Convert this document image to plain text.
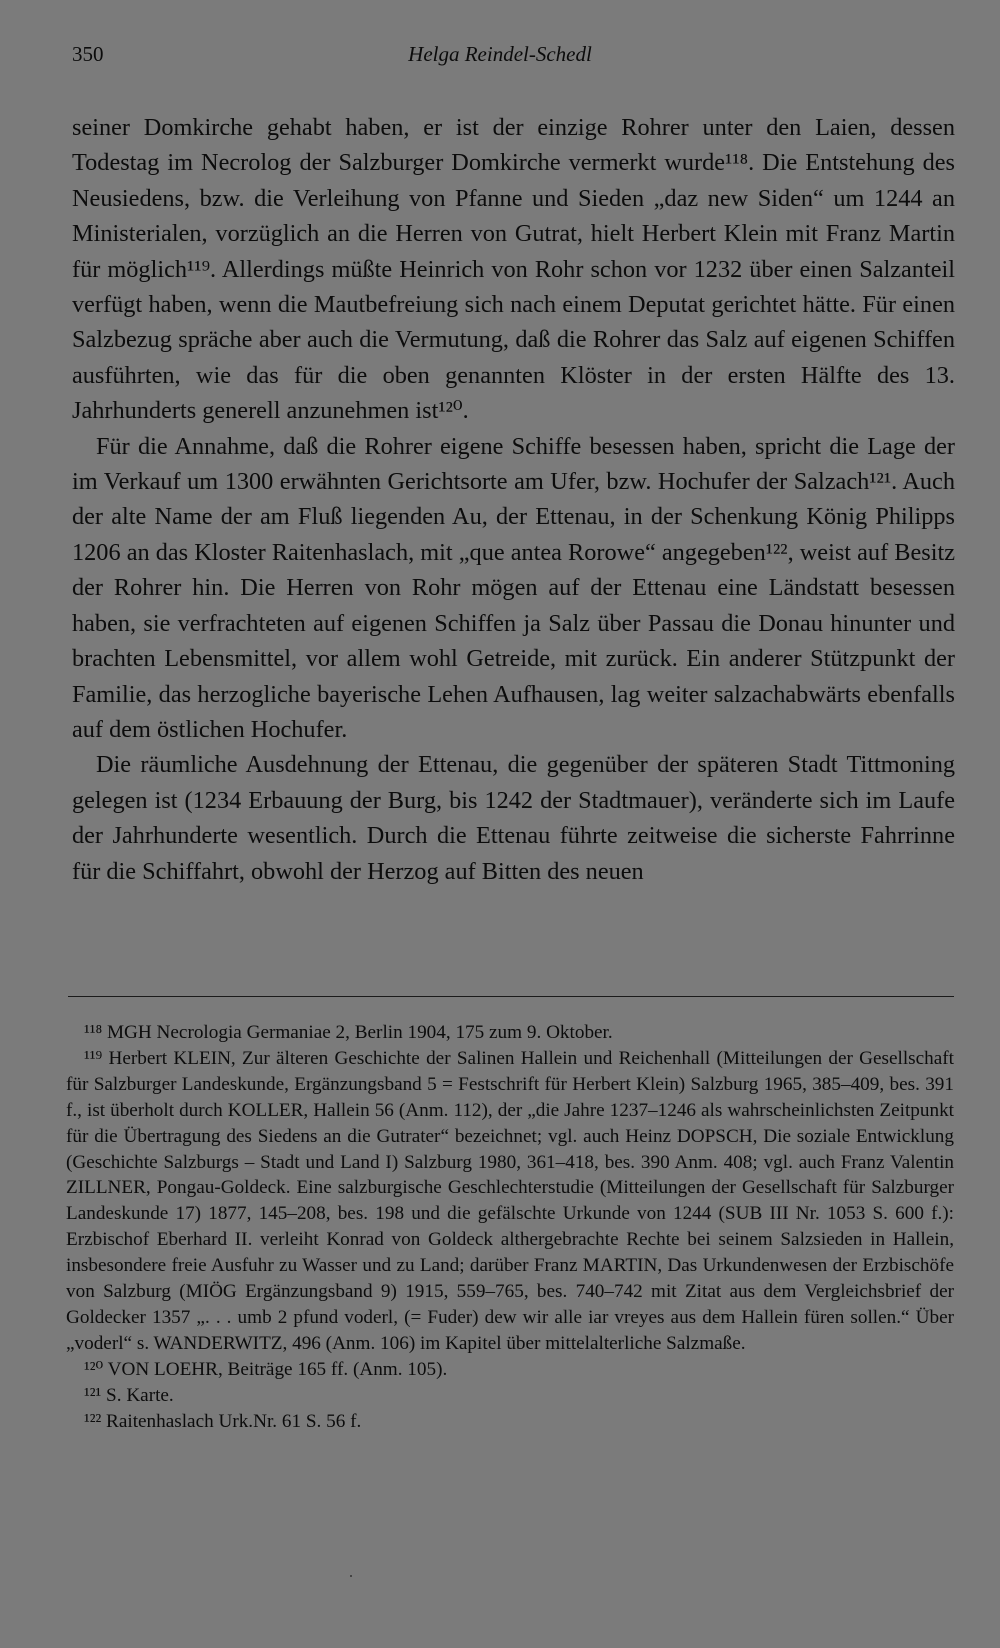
350	Helga Reindel-Schedl

seiner Domkirche gehabt haben, er ist der einzige Rohrer unter den Laien, dessen Todestag im Necrolog der Salzburger Domkirche vermerkt wurde¹¹⁸. Die Entstehung des Neusiedens, bzw. die Verleihung von Pfanne und Sieden „daz new Siden“ um 1244 an Ministerialen, vorzüglich an die Herren von Gutrat, hielt Herbert Klein mit Franz Martin für möglich¹¹⁹. Allerdings müßte Heinrich von Rohr schon vor 1232 über einen Salzanteil verfügt haben, wenn die Mautbefreiung sich nach einem Deputat gerichtet hätte. Für einen Salzbezug spräche aber auch die Vermutung, daß die Rohrer das Salz auf eigenen Schiffen ausführten, wie das für die oben genannten Klöster in der ersten Hälfte des 13. Jahrhunderts generell anzunehmen ist¹²⁰.

Für die Annahme, daß die Rohrer eigene Schiffe besessen haben, spricht die Lage der im Verkauf um 1300 erwähnten Gerichtsorte am Ufer, bzw. Hochufer der Salzach¹²¹. Auch der alte Name der am Fluß liegenden Au, der Ettenau, in der Schenkung König Philipps 1206 an das Kloster Raitenhaslach, mit „que antea Rorowe“ angegeben¹²², weist auf Besitz der Rohrer hin. Die Herren von Rohr mögen auf der Ettenau eine Ländstatt besessen haben, sie verfrachteten auf eigenen Schiffen ja Salz über Passau die Donau hinunter und brachten Lebensmittel, vor allem wohl Getreide, mit zurück. Ein anderer Stützpunkt der Familie, das herzogliche bayerische Lehen Aufhausen, lag weiter salzachabwärts ebenfalls auf dem östlichen Hochufer.

Die räumliche Ausdehnung der Ettenau, die gegenüber der späteren Stadt Tittmoning gelegen ist (1234 Erbauung der Burg, bis 1242 der Stadtmauer), veränderte sich im Laufe der Jahrhunderte wesentlich. Durch die Ettenau führte zeitweise die sicherste Fahrrinne für die Schiffahrt, obwohl der Herzog auf Bitten des neuen

¹¹⁸ MGH Necrologia Germaniae 2, Berlin 1904, 175 zum 9. Oktober.

¹¹⁹ Herbert KLEIN, Zur älteren Geschichte der Salinen Hallein und Reichenhall (Mitteilungen der Gesellschaft für Salzburger Landeskunde, Ergänzungsband 5 = Festschrift für Herbert Klein) Salzburg 1965, 385–409, bes. 391 f., ist überholt durch KOLLER, Hallein 56 (Anm. 112), der „die Jahre 1237–1246 als wahrscheinlichsten Zeitpunkt für die Übertragung des Siedens an die Gutrater“ bezeichnet; vgl. auch Heinz DOPSCH, Die soziale Entwicklung (Geschichte Salzburgs – Stadt und Land I) Salzburg 1980, 361–418, bes. 390 Anm. 408; vgl. auch Franz Valentin ZILLNER, Pongau-Goldeck. Eine salzburgische Geschlechterstudie (Mitteilungen der Gesellschaft für Salzburger Landeskunde 17) 1877, 145–208, bes. 198 und die gefälschte Urkunde von 1244 (SUB III Nr. 1053 S. 600 f.): Erzbischof Eberhard II. verleiht Konrad von Goldeck althergebrachte Rechte bei seinem Salzsieden in Hallein, insbesondere freie Ausfuhr zu Wasser und zu Land; darüber Franz MARTIN, Das Urkundenwesen der Erzbischöfe von Salzburg (MIÖG Ergänzungsband 9) 1915, 559–765, bes. 740–742 mit Zitat aus dem Vergleichsbrief der Goldecker 1357 „. . . umb 2 pfund voderl, (= Fuder) dew wir alle iar vreyes aus dem Hallein füren sollen.“ Über „voderl“ s. WANDERWITZ, 496 (Anm. 106) im Kapitel über mittelalterliche Salzmaße.

¹²⁰ VON LOEHR, Beiträge 165 ff. (Anm. 105).

¹²¹ S. Karte.

¹²² Raitenhaslach Urk.Nr. 61 S. 56 f.
